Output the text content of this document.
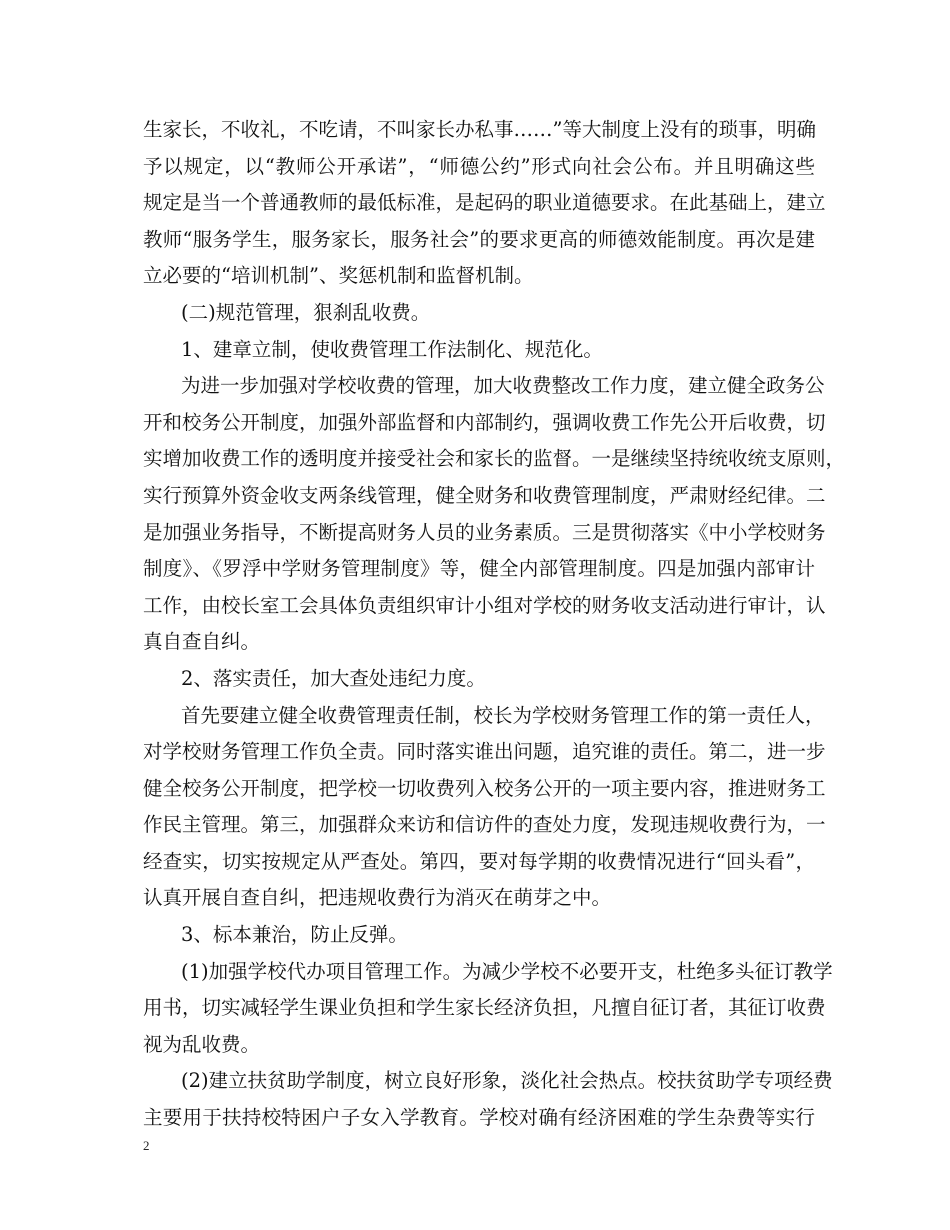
生家长，不收礼，不吃请，不叫家长办私事……”等大制度上没有的琐事，明确
予以规定，以“教师公开承诺”，“师德公约”形式向社会公布。并且明确这些
规定是当一个普通教师的最低标准，是起码的职业道德要求。在此基础上，建立
教师“服务学生，服务家长，服务社会”的要求更高的师德效能制度。再次是建
立必要的“培训机制”、奖惩机制和监督机制。
(二)规范管理，狠刹乱收费。
1、建章立制，使收费管理工作法制化、规范化。
为进一步加强对学校收费的管理，加大收费整改工作力度，建立健全政务公
开和校务公开制度，加强外部监督和内部制约，强调收费工作先公开后收费，切
实增加收费工作的透明度并接受社会和家长的监督。一是继续坚持统收统支原则，
实行预算外资金收支两条线管理，健全财务和收费管理制度，严肃财经纪律。二
是加强业务指导，不断提高财务人员的业务素质。三是贯彻落实《中小学校财务
制度》、《罗浮中学财务管理制度》等，健全内部管理制度。四是加强内部审计
工作，由校长室工会具体负责组织审计小组对学校的财务收支活动进行审计，认
真自查自纠。
2、落实责任，加大查处违纪力度。
首先要建立健全收费管理责任制，校长为学校财务管理工作的第一责任人，
对学校财务管理工作负全责。同时落实谁出问题，追究谁的责任。第二，进一步
健全校务公开制度，把学校一切收费列入校务公开的一项主要内容，推进财务工
作民主管理。第三，加强群众来访和信访件的查处力度，发现违规收费行为，一
经查实，切实按规定从严查处。第四，要对每学期的收费情况进行“回头看”，
认真开展自查自纠，把违规收费行为消灭在萌芽之中。
3、标本兼治，防止反弹。
(1)加强学校代办项目管理工作。为减少学校不必要开支，杜绝多头征订教学
用书，切实减轻学生课业负担和学生家长经济负担，凡擅自征订者，其征订收费
视为乱收费。
(2)建立扶贫助学制度，树立良好形象，淡化社会热点。校扶贫助学专项经费
主要用于扶持校特困户子女入学教育。学校对确有经济困难的学生杂费等实行
2
